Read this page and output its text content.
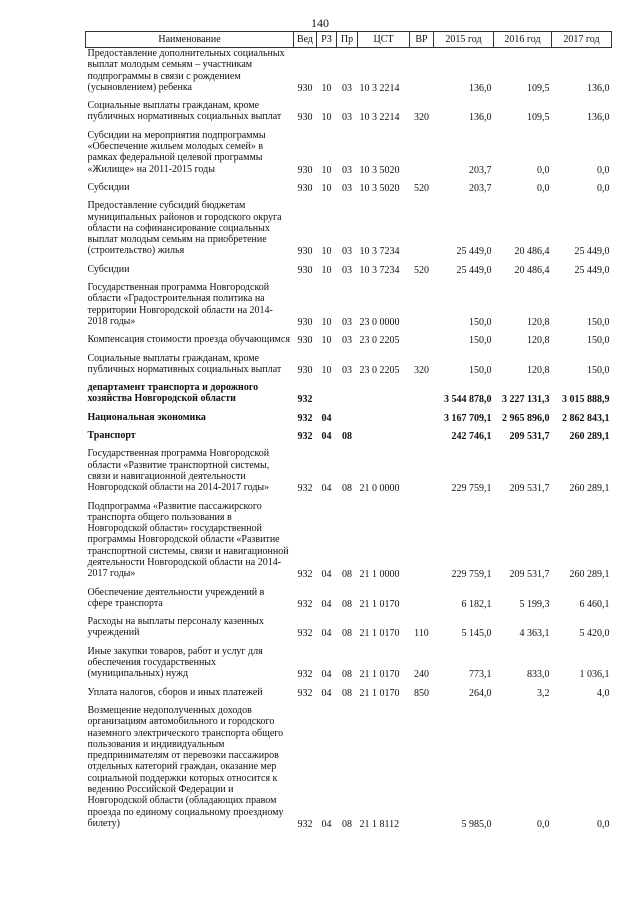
140
Наименование	Вед	РЗ	Пр	ЦСТ	ВР	2015 год	2016 год	2017 год
Предоставление дополнительных социальных выплат молодым семьям – участникам подпрограммы в связи с рождением (усыновлением) ребенка	930	10	03	10 3 2214		136,0	109,5	136,0
Социальные выплаты гражданам, кроме публичных нормативных социальных выплат	930	10	03	10 3 2214	320	136,0	109,5	136,0
Субсидии на мероприятия подпрограммы «Обеспечение жильем молодых семей» в рамках федеральной целевой программы «Жилище» на 2011-2015 годы	930	10	03	10 3 5020		203,7	0,0	0,0
Субсидии	930	10	03	10 3 5020	520	203,7	0,0	0,0
Предоставление субсидий бюджетам муниципальных районов и городского округа области на софинансирование социальных выплат молодым семьям на приобретение (строительство) жилья	930	10	03	10 3 7234		25 449,0	20 486,4	25 449,0
Субсидии	930	10	03	10 3 7234	520	25 449,0	20 486,4	25 449,0
Государственная программа Новгородской области «Градостроительная политика на территории Новгородской области на 2014-2018 годы»	930	10	03	23 0 0000		150,0	120,8	150,0
Компенсация стоимости проезда обучающимся	930	10	03	23 0 2205		150,0	120,8	150,0
Социальные выплаты гражданам, кроме публичных нормативных социальных выплат	930	10	03	23 0 2205	320	150,0	120,8	150,0
департамент транспорта и дорожного хозяйства Новгородской области	932					3 544 878,0	3 227 131,3	3 015 888,9
Национальная экономика	932	04				3 167 709,1	2 965 896,0	2 862 843,1
Транспорт	932	04	08			242 746,1	209 531,7	260 289,1
Государственная программа Новгородской области «Развитие транспортной системы, связи и навигационной деятельности Новгородской области на 2014-2017 годы»	932	04	08	21 0 0000		229 759,1	209 531,7	260 289,1
Подпрограмма «Развитие пассажирского транспорта общего пользования в Новгородской области» государственной программы Новгородской области «Развитие транспортной системы, связи и навигационной деятельности Новгородской области на 2014-2017 годы»	932	04	08	21 1 0000		229 759,1	209 531,7	260 289,1
Обеспечение деятельности учреждений в сфере транспорта	932	04	08	21 1 0170		6 182,1	5 199,3	6 460,1
Расходы на выплаты персоналу казенных учреждений	932	04	08	21 1 0170	110	5 145,0	4 363,1	5 420,0
Иные закупки товаров, работ и услуг для обеспечения государственных (муниципальных) нужд	932	04	08	21 1 0170	240	773,1	833,0	1 036,1
Уплата налогов, сборов и иных платежей	932	04	08	21 1 0170	850	264,0	3,2	4,0
Возмещение недополученных доходов организациям автомобильного и городского наземного электрического транспорта общего пользования и индивидуальным предпринимателям от перевозки пассажиров отдельных категорий граждан, оказание мер социальной поддержки которых относится к ведению Российской Федерации и Новгородской области (обладающих правом проезда по единому социальному проездному билету)	932	04	08	21 1 8112		5 985,0	0,0	0,0
